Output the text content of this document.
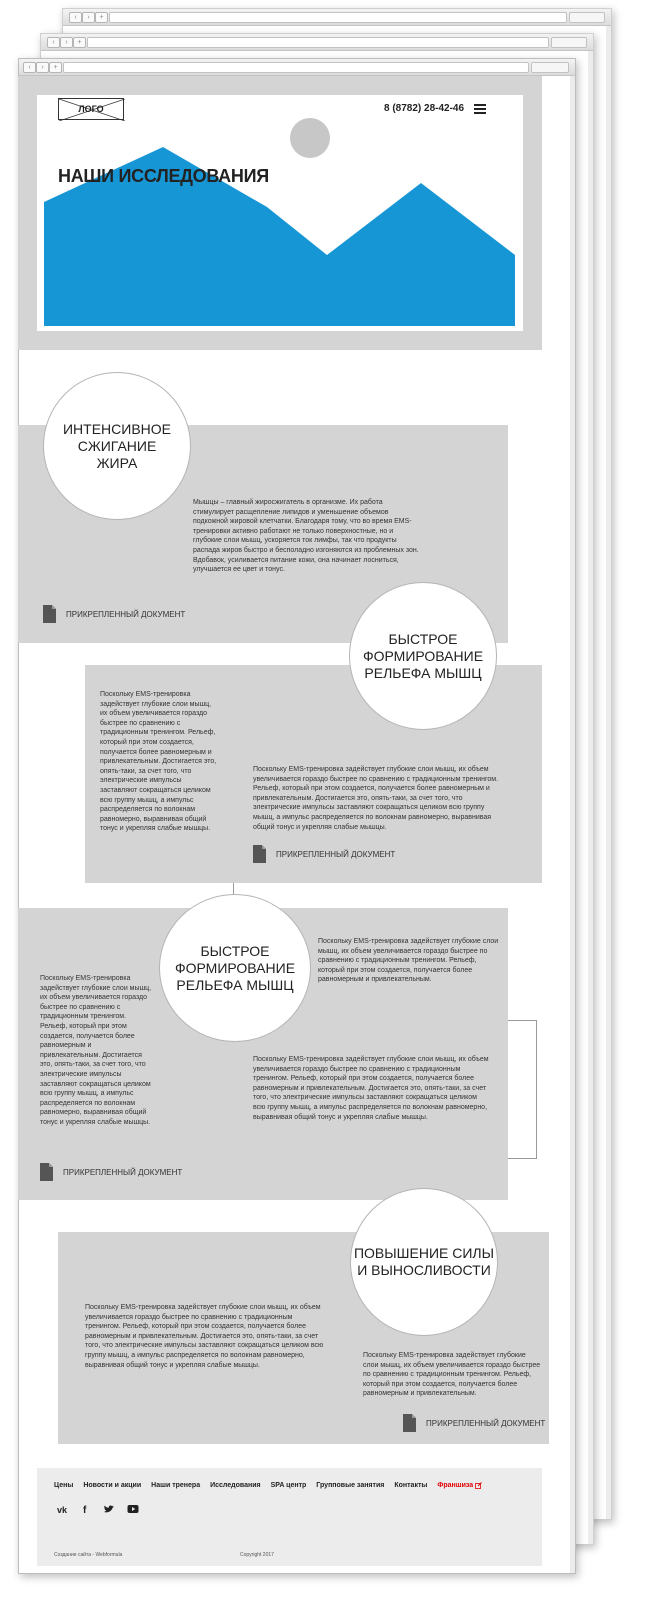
‹	›	+
‹	›	+
‹	›	+
ЛОГО	8 (8782) 28-42-46
НАШИ ИССЛЕДОВАНИЯ
ИНТЕНСИВНОЕ
СЖИГАНИЕ
ЖИРА
Мышцы – главный жиросжигатель в организме. Их работа стимулирует расщепление липидов и уменьшение объемов подкожной жировой клетчатки. Благодаря тому, что во время EMS-тренировки активно работают не только поверхностные, но и глубокие слои мышц, ускоряется ток лимфы, так что продукты распада жиров быстро и бесполадно изгоняются из проблемных зон. Вдобавок, усиливается питание кожи, она начинает лосниться, улучшается ее цвет и тонус.
ПРИКРЕПЛЕННЫЙ ДОКУМЕНТ
БЫСТРОЕ
ФОРМИРОВАНИЕ
РЕЛЬЕФА МЫШЦ
Поскольку EMS-тренировка задействует глубокие слои мышц, их объем увеличивается гораздо быстрее по сравнению с традиционным тренингом. Рельеф, который при этом создается, получается более равномерным и привлекательным. Достигается это, опять-таки, за счет того, что электрические импульсы заставляют сокращаться целиком всю группу мышц, а импульс распределяется по волокнам равномерно, выравнивая общий тонус и укрепляя слабые мышцы.
Поскольку EMS-тренировка задействует глубокие слои мышц, их объем увеличивается гораздо быстрее по сравнению с традиционным тренингом. Рельеф, который при этом создается, получается более равномерным и привлекательным. Достигается это, опять-таки, за счет того, что электрические импульсы заставляют сокращаться целиком всю группу мышц, а импульс распределяется по волокнам равномерно, выравнивая общий тонус и укрепляя слабые мышцы.
ПРИКРЕПЛЕННЫЙ ДОКУМЕНТ
БЫСТРОЕ
ФОРМИРОВАНИЕ
РЕЛЬЕФА МЫШЦ
Поскольку EMS-тренировка задействует глубокие слои мышц, их объем увеличивается гораздо быстрее по сравнению с традиционным тренингом. Рельеф, который при этом создается, получается более равномерным и привлекательным.
Поскольку EMS-тренировка задействует глубокие слои мышц, их объем увеличивается гораздо быстрее по сравнению с традиционным тренингом. Рельеф, который при этом создается, получается более равномерным и привлекательным. Достигается это, опять-таки, за счет того, что электрические импульсы заставляют сокращаться целиком всю группу мышц, а импульс распределяется по волокнам равномерно, выравнивая общий тонус и укрепляя слабые мышцы.
Поскольку EMS-тренировка задействует глубокие слои мышц, их объем увеличивается гораздо быстрее по сравнению с традиционным тренингом. Рельеф, который при этом создается, получается более равномерным и привлекательным. Достигается это, опять-таки, за счет того, что электрические импульсы заставляют сокращаться целиком всю группу мышц, а импульс распределяется по волокнам равномерно, выравнивая общий тонус и укрепляя слабые мышцы.
ПРИКРЕПЛЕННЫЙ ДОКУМЕНТ
ПОВЫШЕНИЕ СИЛЫ
И ВЫНОСЛИВОСТИ
Поскольку EMS-тренировка задействует глубокие слои мышц, их объем увеличивается гораздо быстрее по сравнению с традиционным тренингом. Рельеф, который при этом создается, получается более равномерным и привлекательным. Достигается это, опять-таки, за счет того, что электрические импульсы заставляют сокращаться целиком всю группу мышц, а импульс распределяется по волокнам равномерно, выравнивая общий тонус и укрепляя слабые мышцы.
Поскольку EMS-тренировка задействует глубокие слои мышц, их объем увеличивается гораздо быстрее по сравнению с традиционным тренингом. Рельеф, который при этом создается, получается более равномерным и привлекательным.
ПРИКРЕПЛЕННЫЙ ДОКУМЕНТ
Цены Новости и акции Наши тренера Исследования SPA центр Групповые занятия Контакты Франшиза
vk f
Создание сайта - Webformula	Copyright 2017
